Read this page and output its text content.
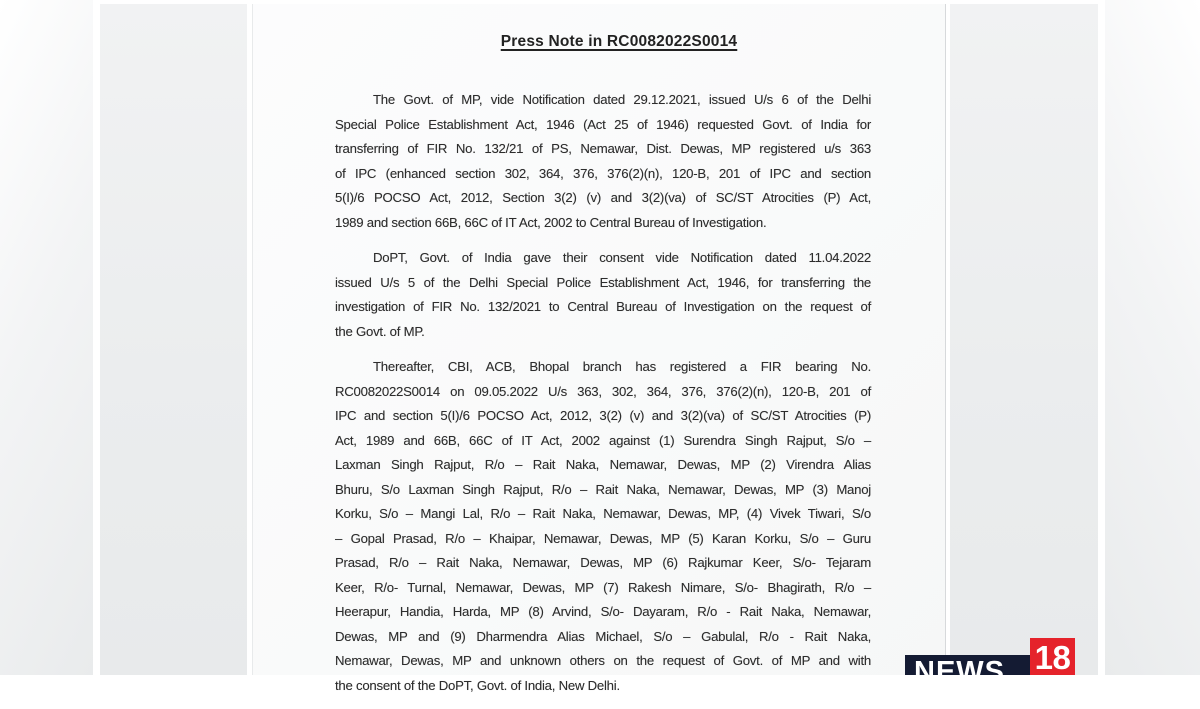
Press Note in RC0082022S0014
The Govt. of MP, vide Notification dated 29.12.2021, issued U/s 6 of the Delhi
Special Police Establishment Act, 1946 (Act 25 of 1946) requested Govt. of India for
transferring of FIR No. 132/21 of PS, Nemawar, Dist. Dewas, MP registered u/s 363
of IPC (enhanced section 302, 364, 376, 376(2)(n), 120-B, 201 of IPC and section
5(I)/6 POCSO Act, 2012, Section 3(2) (v) and 3(2)(va) of SC/ST Atrocities (P) Act,
1989 and section 66B, 66C of IT Act, 2002 to Central Bureau of Investigation.
DoPT, Govt. of India gave their consent vide Notification dated 11.04.2022
issued U/s 5 of the Delhi Special Police Establishment Act, 1946, for transferring the
investigation of FIR No. 132/2021 to Central Bureau of Investigation on the request of
the Govt. of MP.
Thereafter, CBI, ACB, Bhopal branch has registered a FIR bearing No.
RC0082022S0014 on 09.05.2022 U/s 363, 302, 364, 376, 376(2)(n), 120-B, 201 of
IPC and section 5(I)/6 POCSO Act, 2012, 3(2) (v) and 3(2)(va) of SC/ST Atrocities (P)
Act, 1989 and 66B, 66C of IT Act, 2002 against (1) Surendra Singh Rajput, S/o –
Laxman Singh Rajput, R/o – Rait Naka, Nemawar, Dewas, MP (2) Virendra Alias
Bhuru, S/o Laxman Singh Rajput, R/o – Rait Naka, Nemawar, Dewas, MP (3) Manoj
Korku, S/o – Mangi Lal, R/o – Rait Naka, Nemawar, Dewas, MP, (4) Vivek Tiwari, S/o
– Gopal Prasad, R/o – Khaipar, Nemawar, Dewas, MP (5) Karan Korku, S/o – Guru
Prasad, R/o – Rait Naka, Nemawar, Dewas, MP (6) Rajkumar Keer, S/o- Tejaram
Keer, R/o- Turnal, Nemawar, Dewas, MP (7) Rakesh Nimare, S/o- Bhagirath, R/o –
Heerapur, Handia, Harda, MP (8) Arvind, S/o- Dayaram, R/o - Rait Naka, Nemawar,
Dewas, MP and (9) Dharmendra Alias Michael, S/o – Gabulal, R/o - Rait Naka,
Nemawar, Dewas, MP and unknown others on the request of Govt. of MP and with
the consent of the DoPT, Govt. of India, New Delhi.	NEWS 18
